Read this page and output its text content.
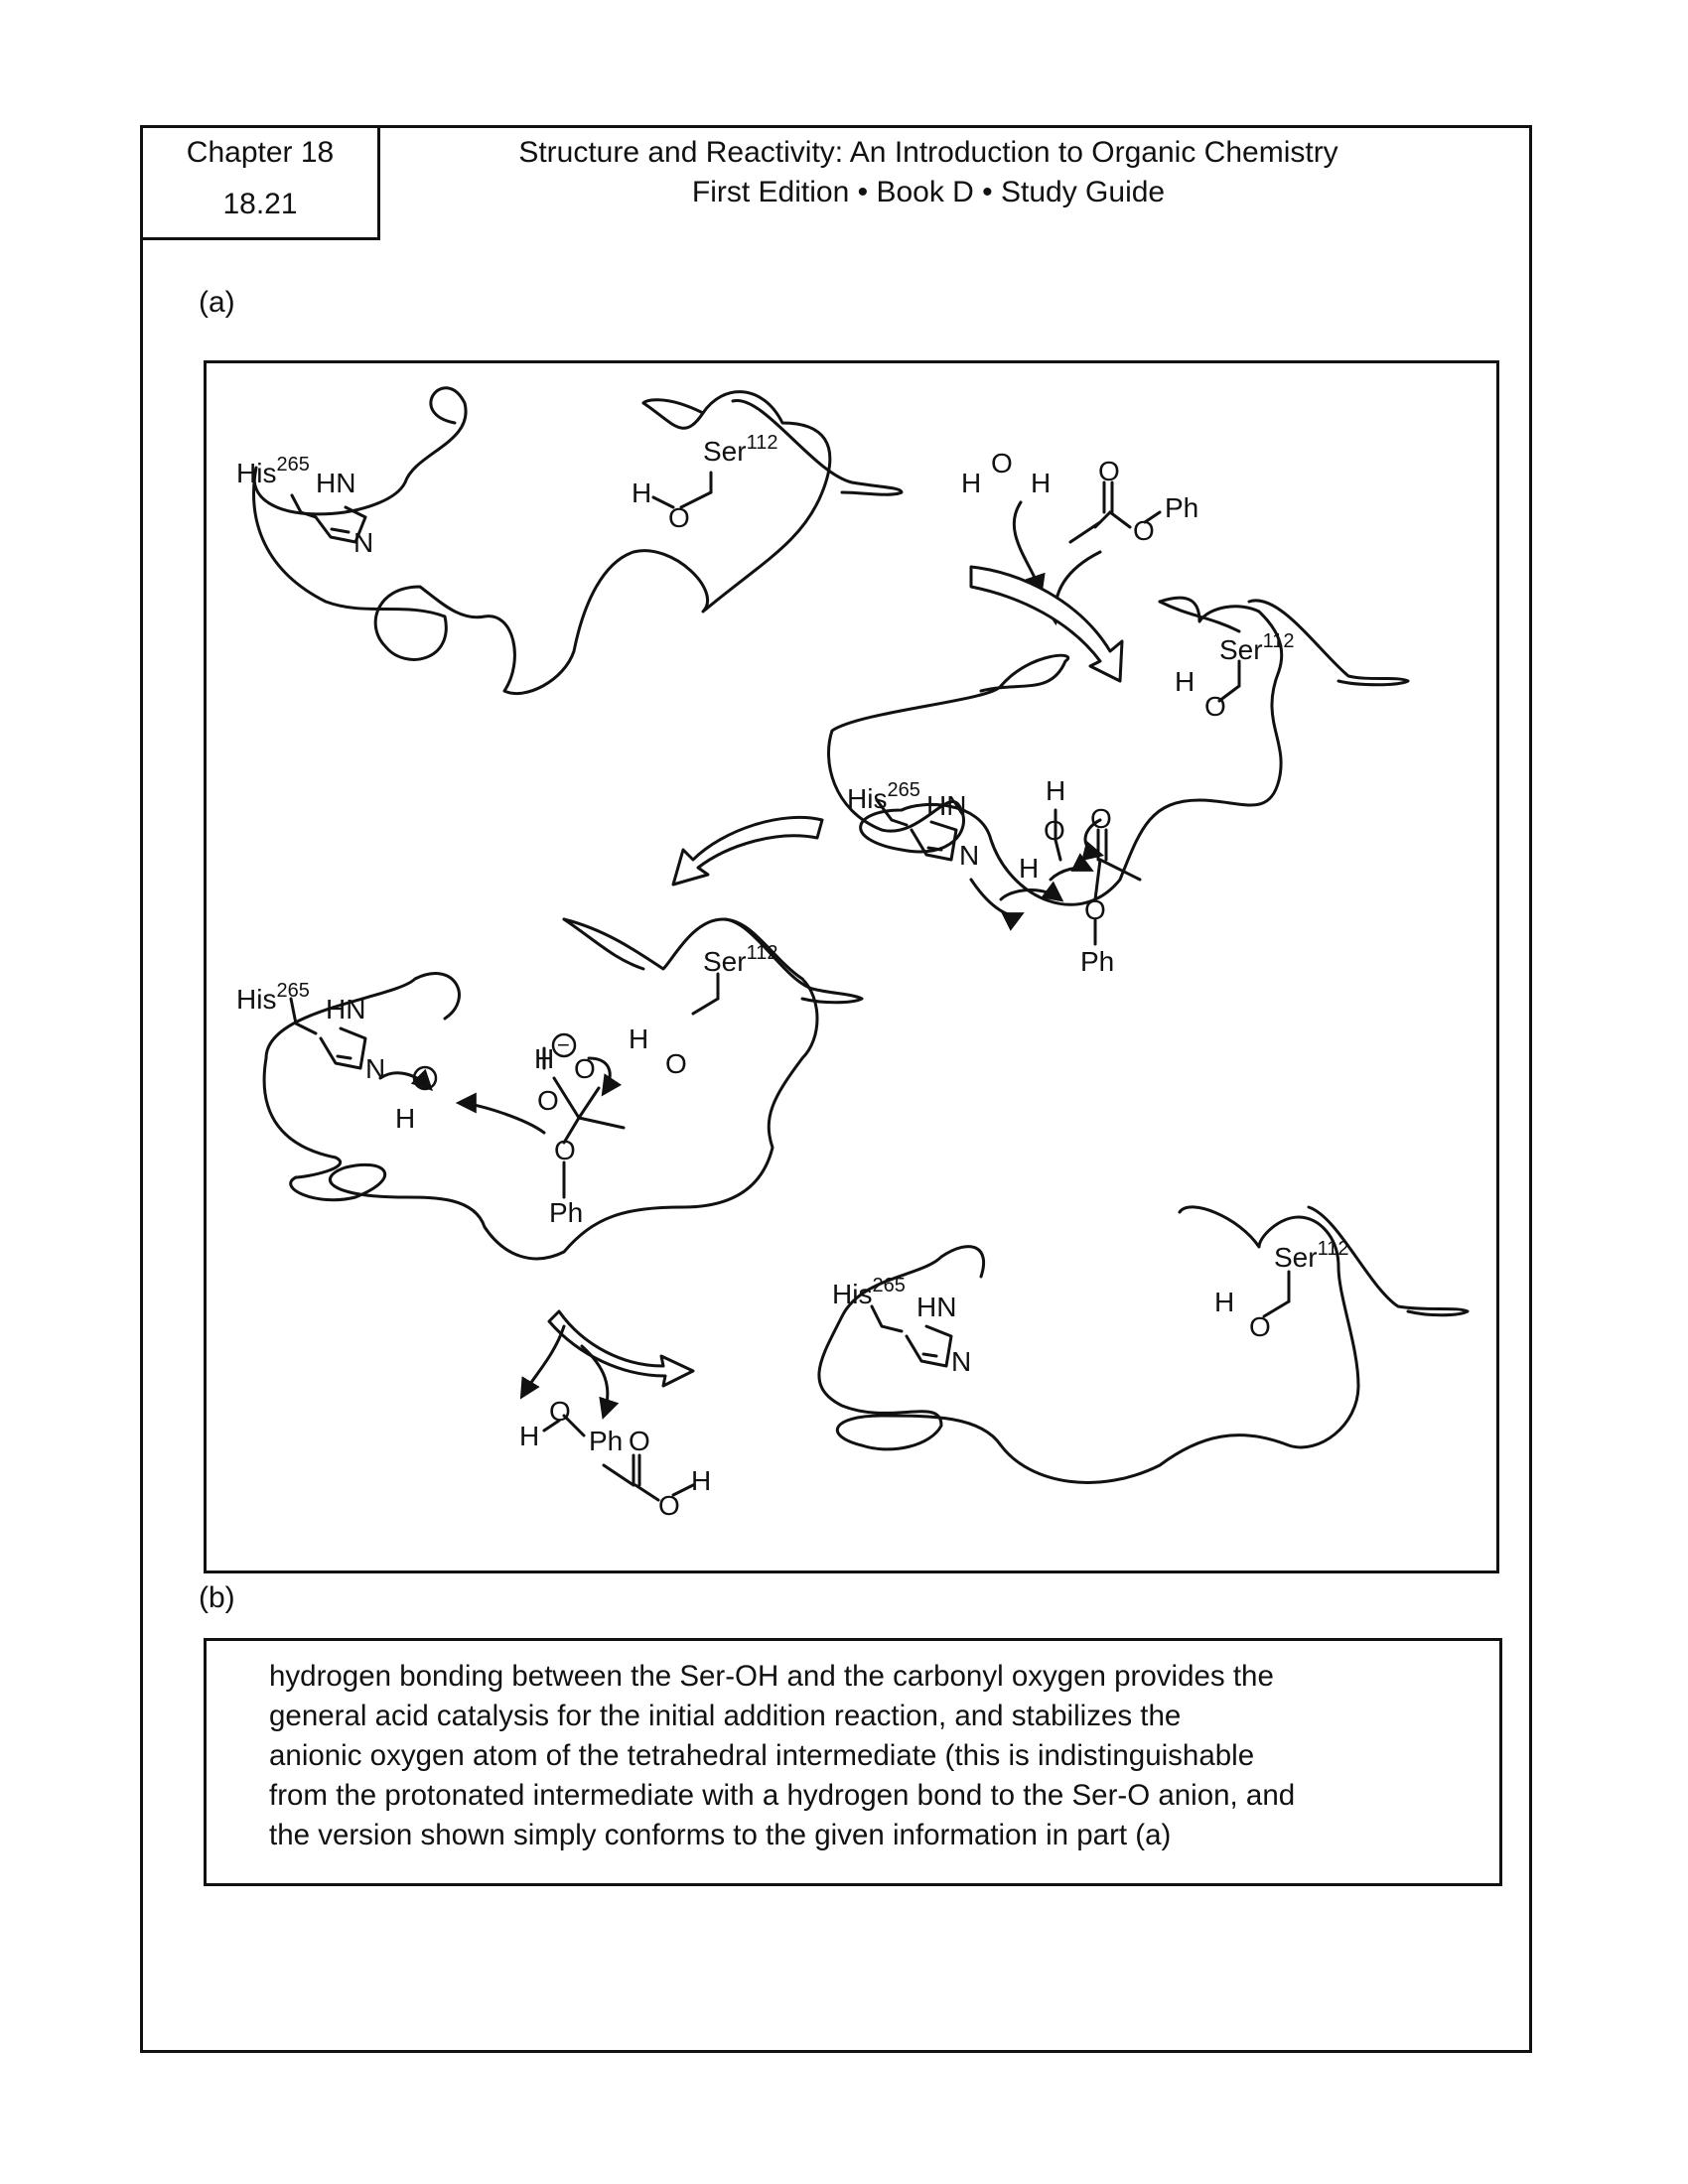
Chapter 18
18.21
Structure and Reactivity: An Introduction to Organic Chemistry
First Edition • Book D • Study Guide
(a)
His$^{265}$
HN
N
Ser$^{112}$
H
O
H
O
H O
O
Ph
His$^{265}$ HN
N
Ser$^{112}$
H
O
H
O
H
O
O
Ph
His$^{265}$
HN
N +
H
Ser$^{112}$
H
O
−
O
H
O
O
Ph
H
O
Ph O
O
H
His$^{265}$
HN
N
Ser$^{112}$
H
O
(b)
hydrogen bonding between the Ser-OH and the carbonyl oxygen provides the
general acid catalysis for the initial addition reaction, and stabilizes the
anionic oxygen atom of the tetrahedral intermediate (this is indistinguishable
from the protonated intermediate with a hydrogen bond to the Ser-O anion, and
the version shown simply conforms to the given information in part (a)
